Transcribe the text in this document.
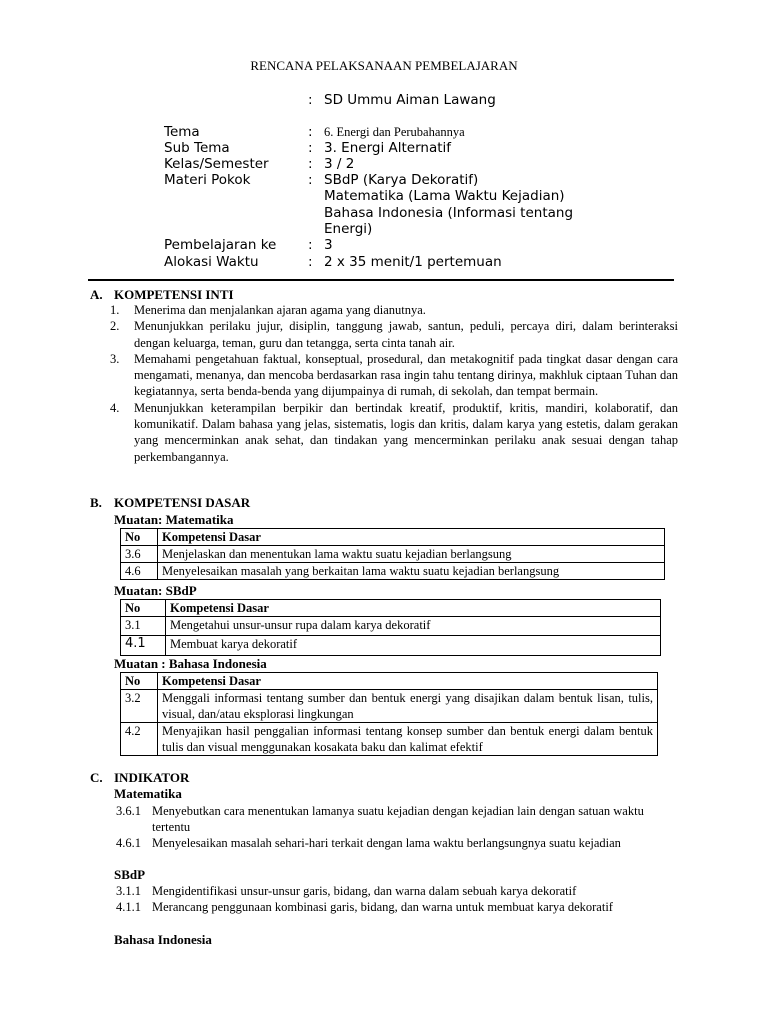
RENCANA PELAKSANAAN PEMBELAJARAN
: SD Ummu Aiman Lawang
Tema	: 6. Energi dan Perubahannya
Sub Tema	: 3. Energi Alternatif
Kelas/Semester	: 3 / 2
Materi Pokok	: SBdP (Karya Dekoratif)
Matematika (Lama Waktu Kejadian)
Bahasa Indonesia (Informasi tentang
Energi)
Pembelajaran ke	: 3
Alokasi Waktu	: 2 x 35 menit/1 pertemuan
A. KOMPETENSI INTI
1. Menerima dan menjalankan ajaran agama yang dianutnya.
2. Menunjukkan perilaku jujur, disiplin, tanggung jawab, santun, peduli, percaya diri, dalam berinteraksi dengan keluarga, teman, guru dan tetangga, serta cinta tanah air.
3. Memahami pengetahuan faktual, konseptual, prosedural, dan metakognitif pada tingkat dasar dengan cara mengamati, menanya, dan mencoba berdasarkan rasa ingin tahu tentang dirinya, makhluk ciptaan Tuhan dan kegiatannya, serta benda-benda yang dijumpainya di rumah, di sekolah, dan tempat bermain.
4. Menunjukkan keterampilan berpikir dan bertindak kreatif, produktif, kritis, mandiri, kolaboratif, dan komunikatif. Dalam bahasa yang jelas, sistematis, logis dan kritis, dalam karya yang estetis, dalam gerakan yang mencerminkan anak sehat, dan tindakan yang mencerminkan perilaku anak sesuai dengan tahap perkembangannya.
B. KOMPETENSI DASAR
Muatan: Matematika
No	Kompetensi Dasar
3.6	Menjelaskan dan menentukan lama waktu suatu kejadian berlangsung
4.6	Menyelesaikan masalah yang berkaitan lama waktu suatu kejadian berlangsung
Muatan: SBdP
No	Kompetensi Dasar
3.1	Mengetahui unsur-unsur rupa dalam karya dekoratif
4.1	Membuat karya dekoratif
Muatan : Bahasa Indonesia
No	Kompetensi Dasar
3.2	Menggali informasi tentang sumber dan bentuk energi yang disajikan dalam bentuk lisan, tulis, visual, dan/atau eksplorasi lingkungan
4.2	Menyajikan hasil penggalian informasi tentang konsep sumber dan bentuk energi dalam bentuk tulis dan visual menggunakan kosakata baku dan kalimat efektif
C. INDIKATOR
Matematika
3.6.1 Menyebutkan cara menentukan lamanya suatu kejadian dengan kejadian lain dengan satuan waktu tertentu
4.6.1 Menyelesaikan masalah sehari-hari terkait dengan lama waktu berlangsungnya suatu kejadian
SBdP
3.1.1 Mengidentifikasi unsur-unsur garis, bidang, dan warna dalam sebuah karya dekoratif
4.1.1 Merancang penggunaan kombinasi garis, bidang, dan warna untuk membuat karya dekoratif
Bahasa Indonesia
